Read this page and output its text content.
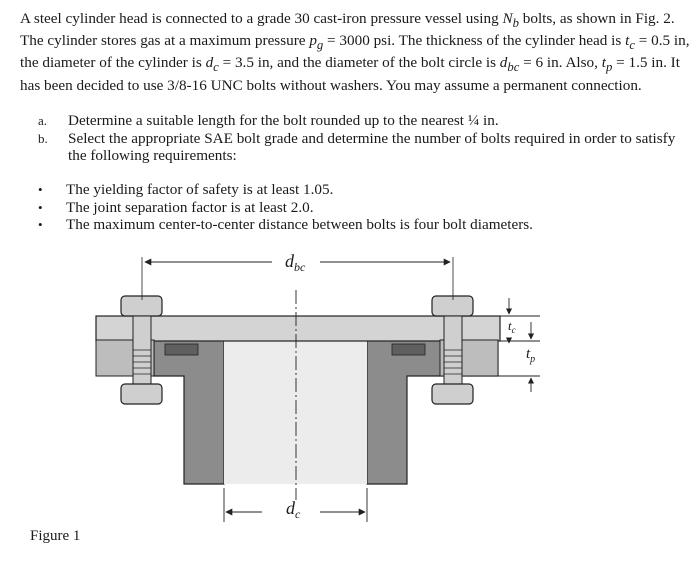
A steel cylinder head is connected to a grade 30 cast-iron pressure vessel using $N_b$ bolts, as shown in Fig. 2. The cylinder stores gas at a maximum pressure $p_g = 3000$ psi. The thickness of the cylinder head is $t_c = 0.5$ in, the diameter of the cylinder is $d_c = 3.5$ in, and the diameter of the bolt circle is $d_{bc} = 6$ in. Also, $t_p = 1.5$ in. It has been decided to use 3/8-16 UNC bolts without washers. You may assume a permanent connection.

a.	Determine a suitable length for the bolt rounded up to the nearest ¼ in.
b.	Select the appropriate SAE bolt grade and determine the number of bolts required in order to satisfy the following requirements:
•	The yielding factor of safety is at least 1.05.
•	The joint separation factor is at least 2.0.
•	The maximum center-to-center distance between bolts is four bolt diameters.
$d_{bc}$
$d_c$
$t_c$
$t_p$
Figure 1
